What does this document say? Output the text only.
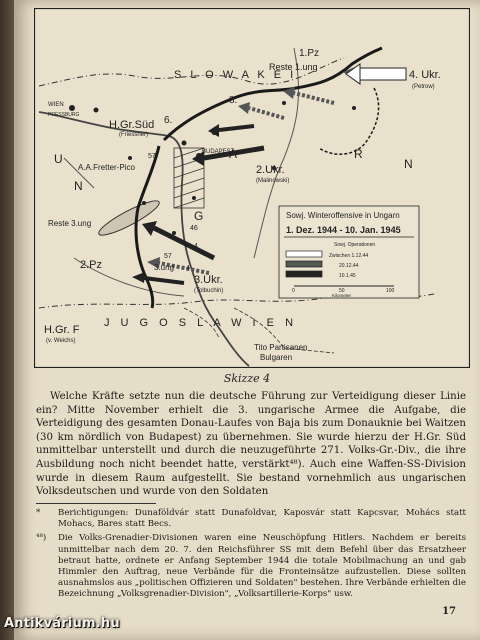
S L O W A K E I
U
N
G
A	R
N
J U G O S L A W I E N
1.Pz
4. Ukr.
(Petrow)
Reste 1.ung
8.
H.Gr.Süd
(Friessner)
6.
A.A.Fretter-Pico	2.Ukr.
(Malinowski)
BUDAPEST
Reste 3.ung
2.Pz	3.ung
3.Ukr.
(Tolbuchin)
H.Gr. F
(v. Weichs)
Tito Partisanen
Bulgaren
WIEN
PRESSBURG
57
4
46
4
57
Sowj. Winteroffensive in Ungarn
1. Dez. 1944 - 10. Jan. 1945
Sowj. Operationen
Zwischen 1.12.44
20.12.44
10.1.45
0	50	100
Kilometer
Skizze 4

Welche Kräfte setzte nun die deutsche Führung zur Verteidigung dieser Linie ein? Mitte November erhielt die 3. ungarische Armee die Aufgabe, die Verteidigung des gesamten Donau-Laufes von Baja bis zum Donauknie bei Waitzen (30 km nördlich von Budapest) zu übernehmen. Sie wurde hierzu der H.Gr. Süd unmittelbar unterstellt und durch die neuzugeführte 271. Volks-Gr.-Div., die ihre Ausbildung noch nicht beendet hatte, verstärkt⁴⁸). Auch eine Waffen-SS-Division wurde in diesem Raum aufgestellt. Sie bestand vornehmlich aus ungarischen Volksdeutschen und wurde von den Soldaten

*	Berichtigungen: Dunaföldvár statt Dunafoldvar, Kaposvár statt Kapcsvar, Mohács statt Mohacs, Bares statt Becs.
⁴⁸)	Die Volks-Grenadier-Divisionen waren eine Neuschöpfung Hitlers. Nachdem er bereits unmittelbar nach dem 20. 7. den Reichsführer SS mit dem Befehl über das Ersatzheer betraut hatte, ordnete er Anfang September 1944 die totale Mobilmachung an und gab Himmler den Auftrag, neue Verbände für die Fronteinsätze aufzustellen. Diese sollten ausnahmslos aus „politischen Offizieren und Soldaten" bestehen. Ihre Verbände erhielten die Bezeichnung „Volksgrenadier-Division", „Volksartillerie-Korps" usw.
17
Antikvárium.hu
